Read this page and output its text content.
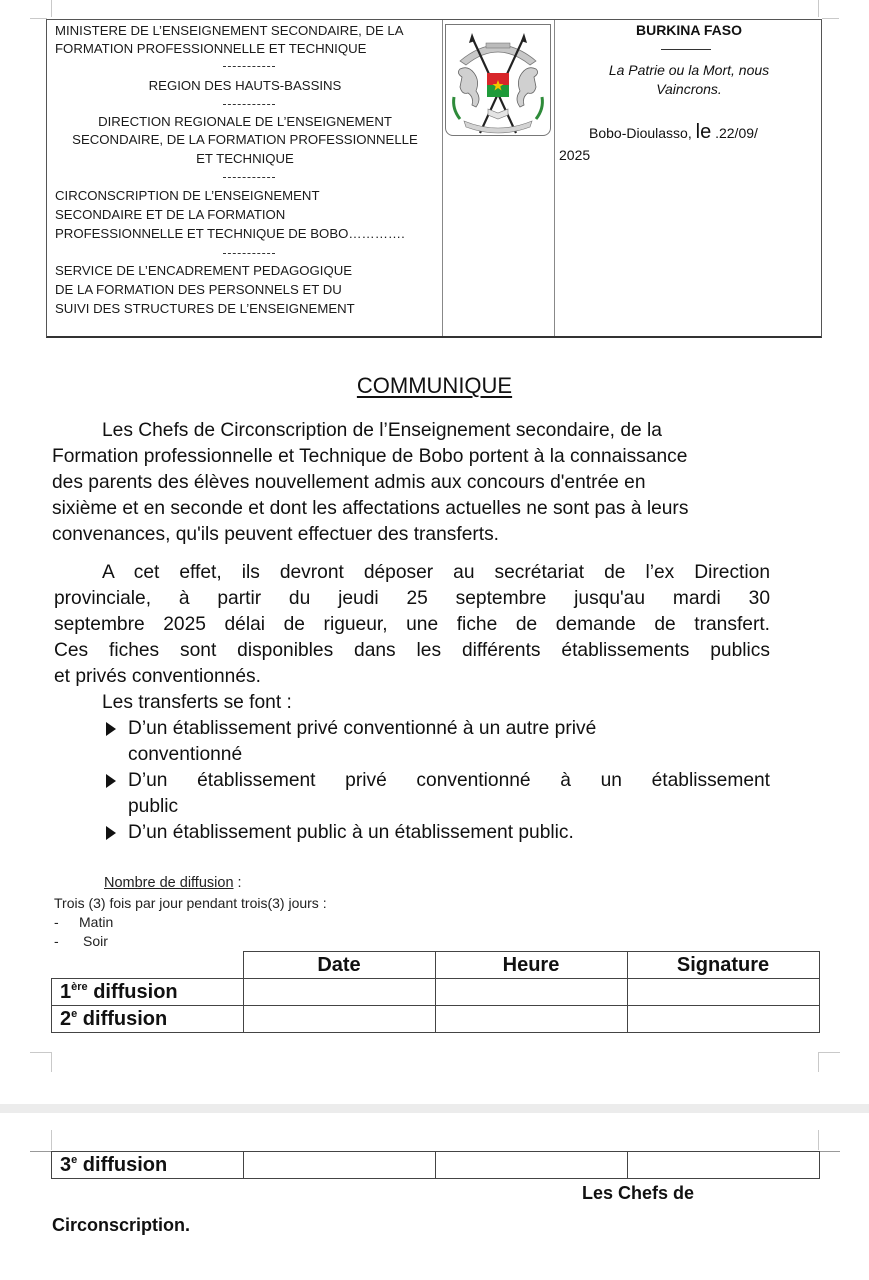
MINISTERE DE L’ENSEIGNEMENT SECONDAIRE, DE LA
FORMATION PROFESSIONNELLE ET TECHNIQUE
REGION DES HAUTS-BASSINS
DIRECTION REGIONALE DE L’ENSEIGNEMENT
SECONDAIRE, DE LA FORMATION PROFESSIONNELLE
ET TECHNIQUE
CIRCONSCRIPTION DE L’ENSEIGNEMENT
SECONDAIRE ET DE LA FORMATION
PROFESSIONNELLE ET TECHNIQUE DE BOBO………….
SERVICE DE L’ENCADREMENT PEDAGOGIQUE
DE LA FORMATION DES PERSONNELS ET DU
SUIVI DES STRUCTURES DE L’ENSEIGNEMENT
BURKINA FASO
La Patrie ou la Mort, nous
Vaincrons.
Bobo-Dioulasso, le .22/09/
2025
COMMUNIQUE
Les Chefs de Circonscription de l’Enseignement secondaire, de la
Formation professionnelle et Technique de Bobo portent à la connaissance
des parents des élèves nouvellement admis aux concours d'entrée en
sixième et en seconde et dont les affectations actuelles ne sont pas à leurs
convenances, qu'ils peuvent effectuer des transferts.
A cet effet, ils devront déposer au secrétariat de l’ex Direction
provinciale, à partir du jeudi 25 septembre jusqu'au mardi 30
septembre 2025 délai de rigueur, une fiche de demande de transfert.
Ces fiches sont disponibles dans les différents établissements publics
et privés conventionnés.
Les transferts se font :
D’un établissement privé conventionné à un autre privé
conventionné
D’un établissement privé conventionné à un établissement
public
D’un établissement public à un établissement public.
Nombre de diffusion :
Trois (3) fois par jour pendant trois(3) jours :
- Matin
- Soir
	Date	Heure	Signature
1ère diffusion			
2e diffusion			
3e diffusion			
Les Chefs de
Circonscription.
